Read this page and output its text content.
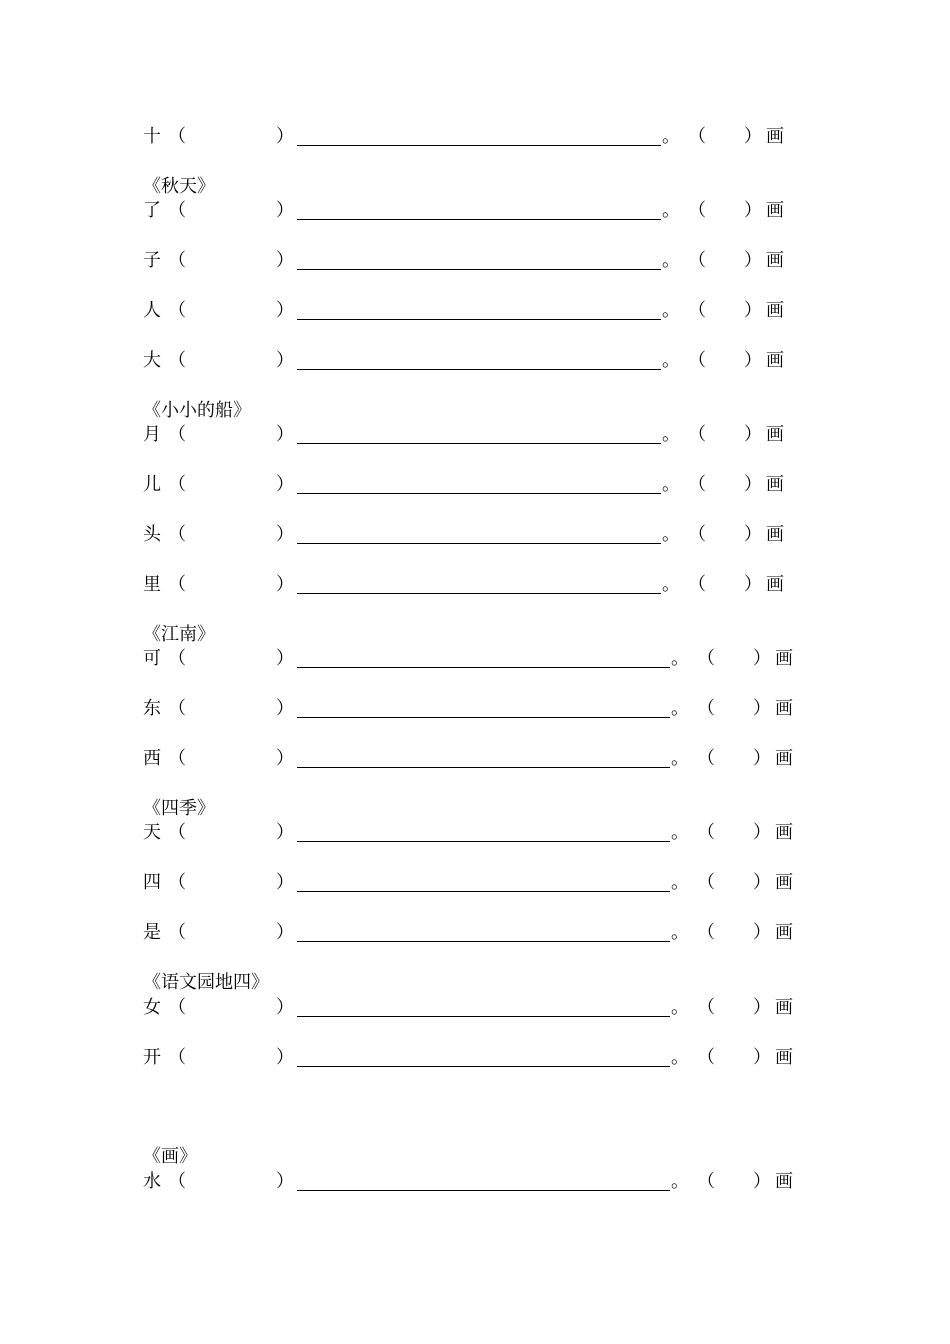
十 （	）	。 （ ） 画
《秋天》
了 （	）	。 （ ） 画
子 （	）	。 （ ） 画
人 （	）	。 （ ） 画
大 （	）	。 （ ） 画
《小小的船》
月 （	）	。 （ ） 画
儿 （	）	。 （ ） 画
头 （	）	。 （ ） 画
里 （	）	。 （ ） 画
《江南》
可 （	）	。 （ ） 画
东 （	）	。 （ ） 画
西 （	）	。 （ ） 画
《四季》
天 （	）	。 （ ） 画
四 （	）	。 （ ） 画
是 （	）	。 （ ） 画
《语文园地四》
女 （	）	。 （ ） 画
开 （	）	。 （ ） 画
《画》
水 （	）	。 （ ） 画
